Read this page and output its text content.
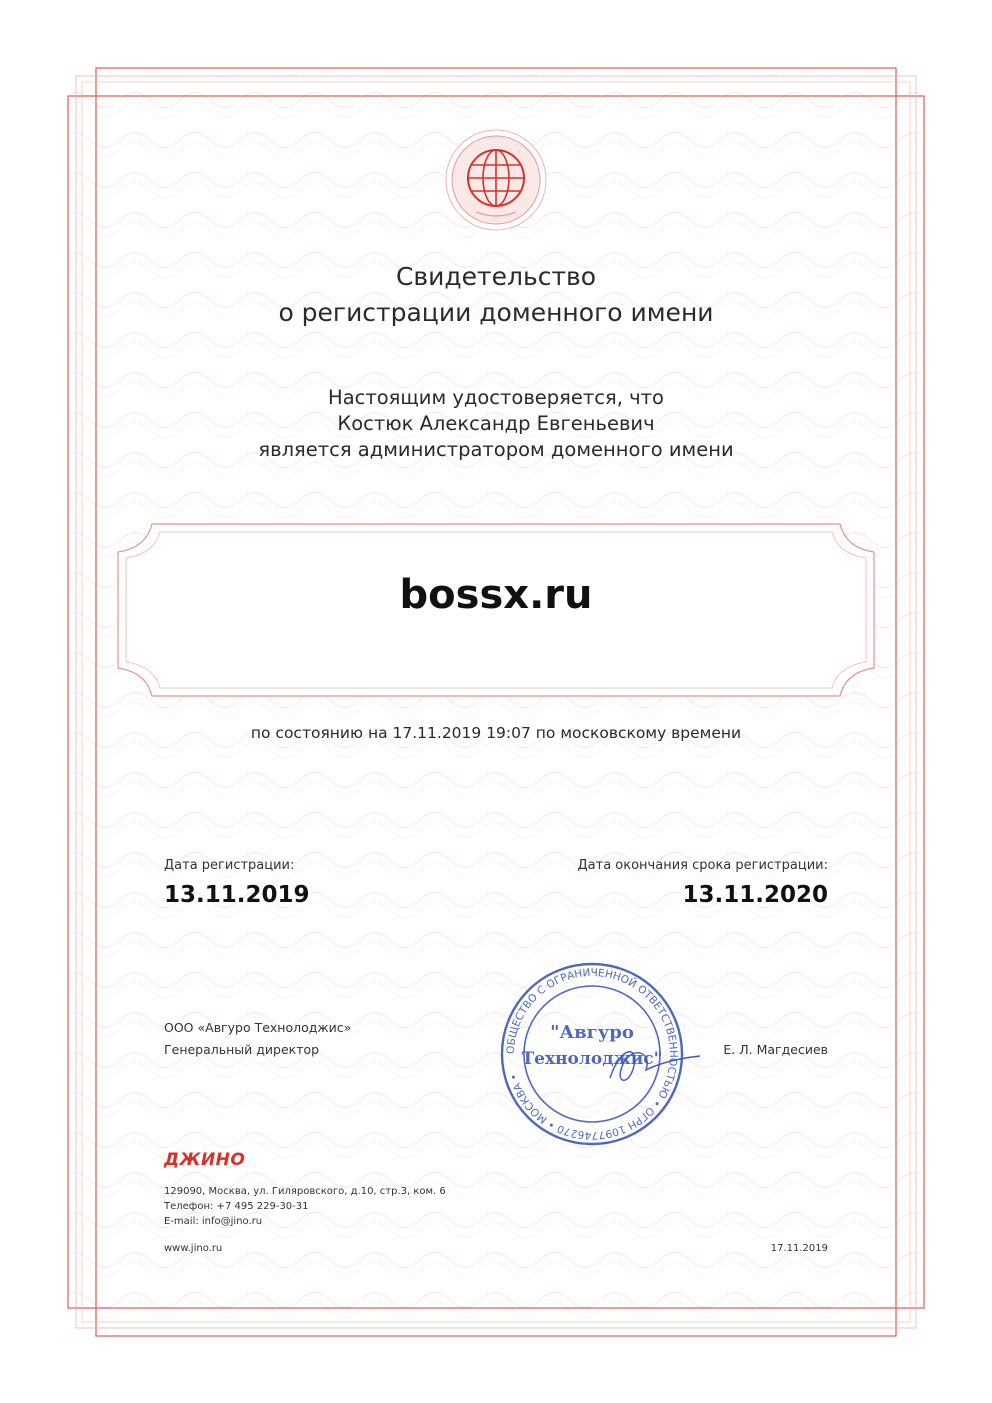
Свидетельство
о регистрации доменного имени
Настоящим удостоверяется, что
Костюк Александр Евгеньевич
является администратором доменного имени
bossx.ru
по состоянию на 17.11.2019 19:07 по московскому времени
Дата регистрации:
13.11.2019
Дата окончания срока регистрации:
13.11.2020
ООО «Авгуро Технолоджис»
Генеральный директор	Е. Л. Магдесиев
ОБЩЕСТВО С ОГРАНИЧЕННОЙ ОТВЕТСТВЕННОСТЬЮ • ОГРН 1097746270 • МОСКВА •
"Авгуро
Технолоджис"
ДЖИНО
129090, Москва, ул. Гиляровского, д.10, стр.3, ком. 6
Телефон: +7 495 229-30-31
E-mail: info@jino.ru
www.jino.ru	17.11.2019
